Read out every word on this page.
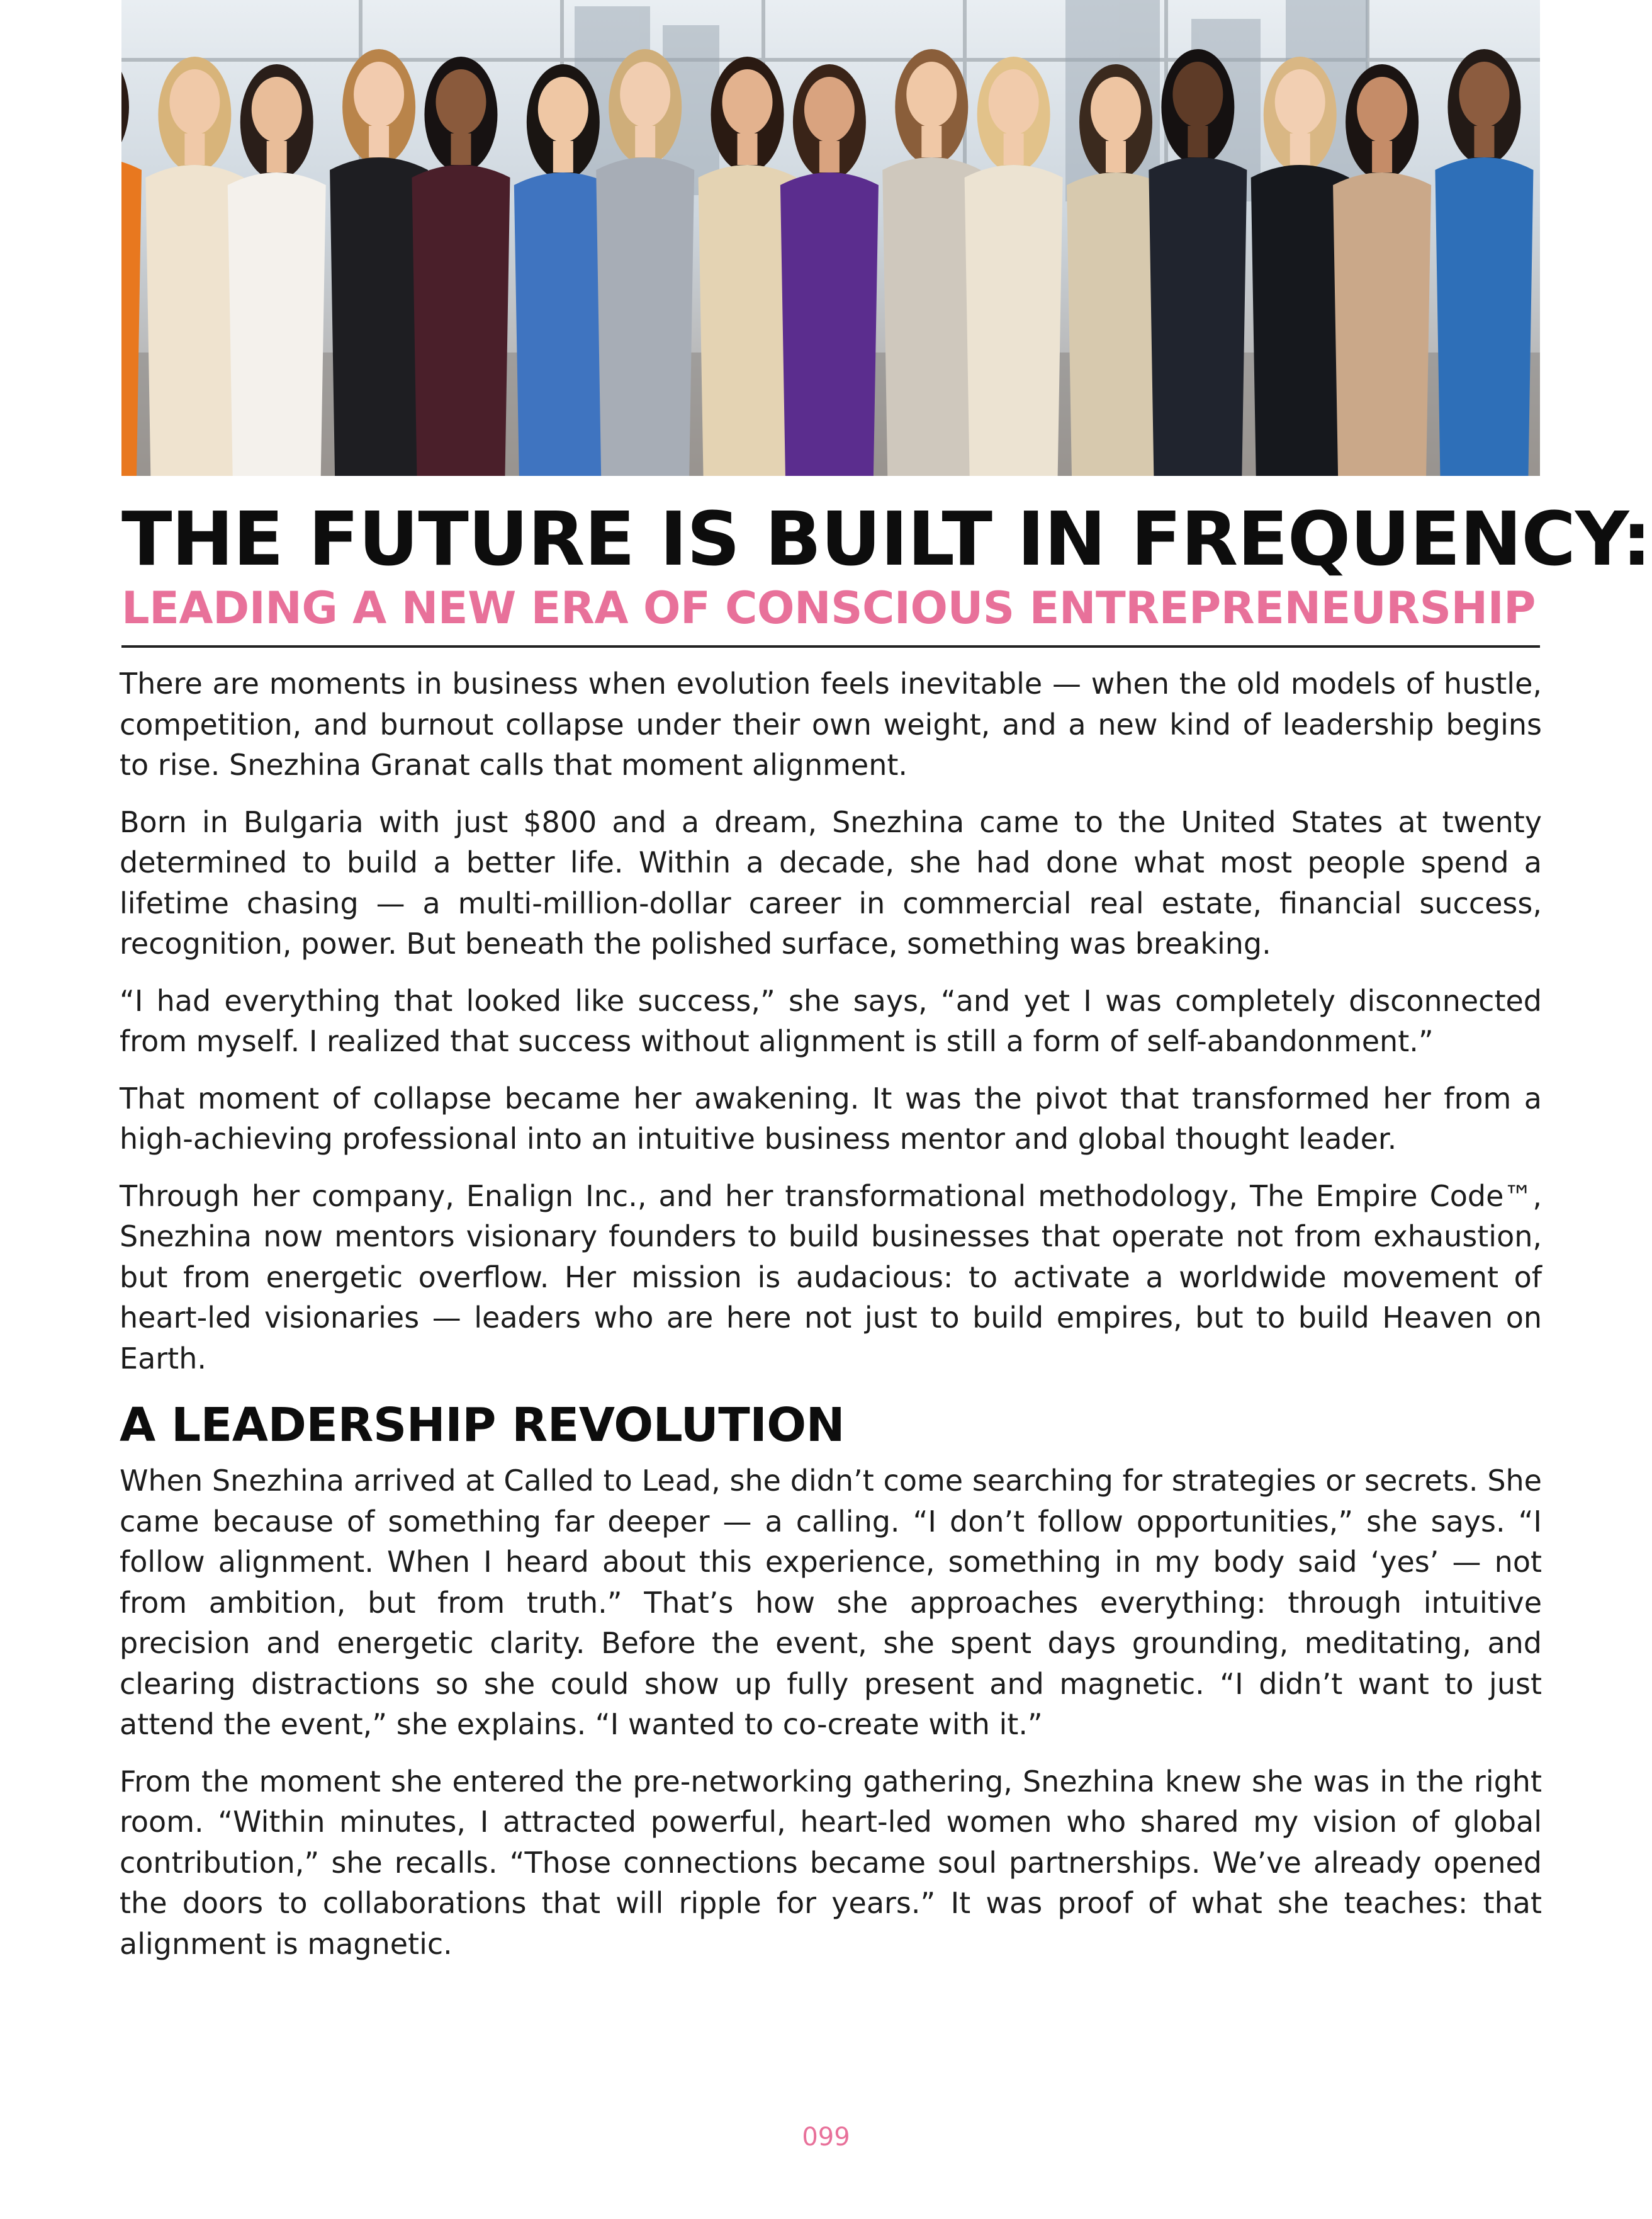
THE FUTURE IS BUILT IN FREQUENCY:
LEADING A NEW ERA OF CONSCIOUS ENTREPRENEURSHIP

There are moments in business when evolution feels inevitable — when the old models of hustle, competition, and burnout collapse under their own weight, and a new kind of leadership begins to rise. Snezhina Granat calls that moment alignment.

Born in Bulgaria with just $800 and a dream, Snezhina came to the United States at twenty determined to build a better life. Within a decade, she had done what most people spend a lifetime chasing — a multi-million-dollar career in commercial real estate, financial success, recognition, power. But beneath the polished surface, something was breaking.

“I had everything that looked like success,” she says, “and yet I was completely disconnected from myself. I realized that success without alignment is still a form of self-abandonment.”

That moment of collapse became her awakening. It was the pivot that transformed her from a high-achieving professional into an intuitive business mentor and global thought leader.

Through her company, Enalign Inc., and her transformational methodology, The Empire Code™, Snezhina now mentors visionary founders to build businesses that operate not from exhaustion, but from energetic overflow. Her mission is audacious: to activate a worldwide movement of heart-led visionaries — leaders who are here not just to build empires, but to build Heaven on Earth.

A LEADERSHIP REVOLUTION

When Snezhina arrived at Called to Lead, she didn’t come searching for strategies or secrets. She came because of something far deeper — a calling. “I don’t follow opportunities,” she says. “I follow alignment. When I heard about this experience, something in my body said ‘yes’ — not from ambition, but from truth.” That’s how she approaches everything: through intuitive precision and energetic clarity. Before the event, she spent days grounding, meditating, and clearing distractions so she could show up fully present and magnetic. “I didn’t want to just attend the event,” she explains. “I wanted to co-create with it.”

From the moment she entered the pre-networking gathering, Snezhina knew she was in the right room. “Within minutes, I attracted powerful, heart-led women who shared my vision of global contribution,” she recalls. “Those connections became soul partnerships. We’ve already opened the doors to collaborations that will ripple for years.” It was proof of what she teaches: that alignment is magnetic.

099
